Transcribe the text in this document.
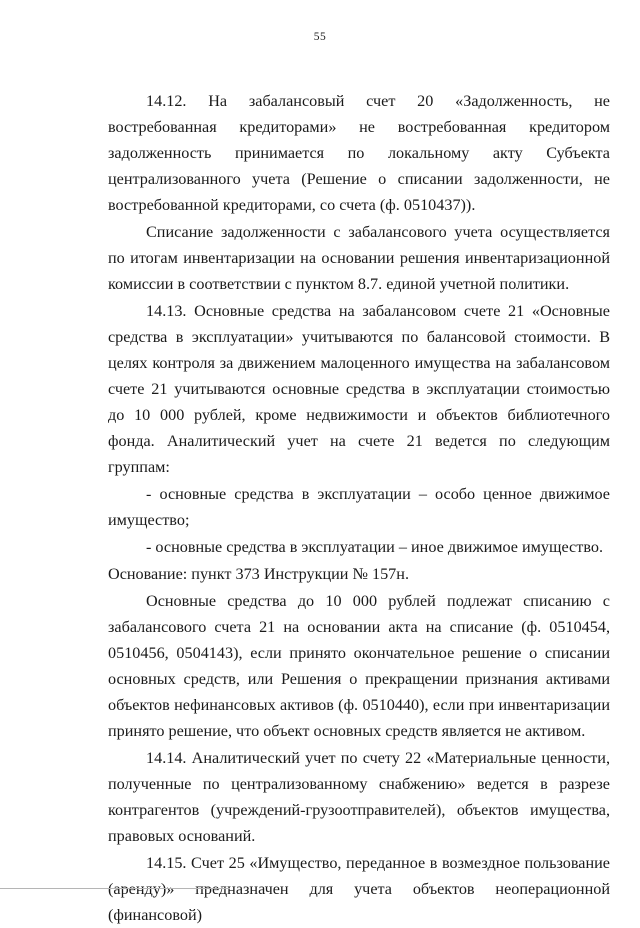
55

14.12. На забалансовый счет 20 «Задолженность, не востребованная кредиторами» не востребованная кредитором задолженность принимается по локальному акту Субъекта централизованного учета (Решение о списании задолженности, не востребованной кредиторами, со счета (ф. 0510437)).

Списание задолженности с забалансового учета осуществляется по итогам инвентаризации на основании решения инвентаризационной комиссии в соответствии с пунктом 8.7. единой учетной политики.

14.13. Основные средства на забалансовом счете 21 «Основные средства в эксплуатации» учитываются по балансовой стоимости. В целях контроля за движением малоценного имущества на забалансовом счете 21 учитываются основные средства в эксплуатации стоимостью до 10 000 рублей, кроме недвижимости и объектов библиотечного фонда. Аналитический учет на счете 21 ведется по следующим группам:

- основные средства в эксплуатации – особо ценное движимое имущество;

- основные средства в эксплуатации – иное движимое имущество.

Основание: пункт 373 Инструкции № 157н.

Основные средства до 10 000 рублей подлежат списанию с забалансового счета 21 на основании акта на списание (ф. 0510454, 0510456, 0504143), если принято окончательное решение о списании основных средств, или Решения о прекращении признания активами объектов нефинансовых активов (ф. 0510440), если при инвентаризации принято решение, что объект основных средств является не активом.

14.14. Аналитический учет по счету 22 «Материальные ценности, полученные по централизованному снабжению» ведется в разрезе контрагентов (учреждений-грузоотправителей), объектов имущества, правовых оснований.

14.15. Счет 25 «Имущество, переданное в возмездное пользование (аренду)» предназначен для учета объектов неоперационной (финансовой)
